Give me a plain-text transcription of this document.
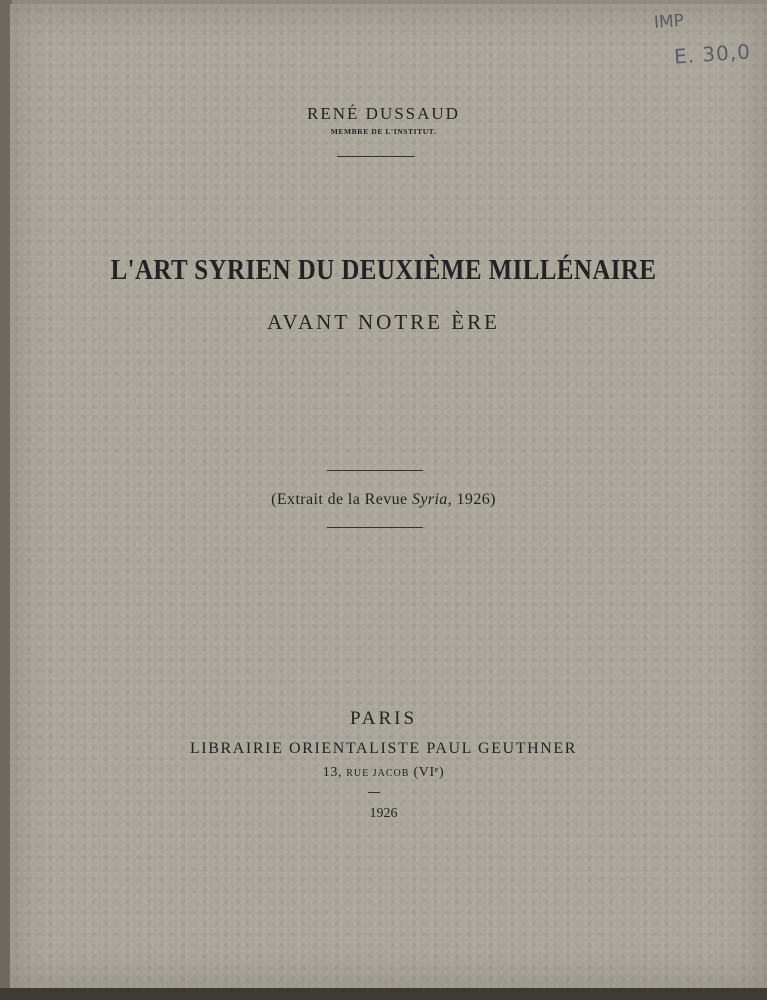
IMP
E. 30,0
RENÉ DUSSAUD
MEMBRE DE L'INSTITUT.
L'ART SYRIEN DU DEUXIÈME MILLÉNAIRE
AVANT NOTRE ÈRE
(Extrait de la Revue Syria, 1926)
PARIS
LIBRAIRIE ORIENTALISTE PAUL GEUTHNER
13, RUE JACOB (VIᵉ)
1926
